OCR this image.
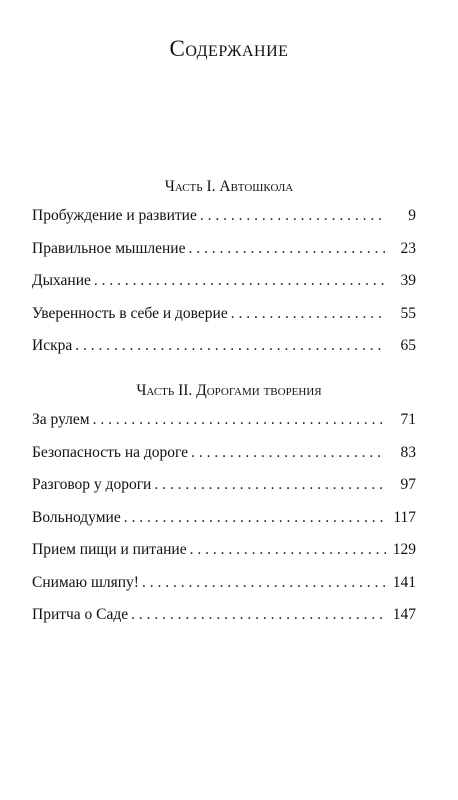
Содержание
Часть I. Автошкола
Пробуждение и развитие . . .	9
Правильное мышление . . .	23
Дыхание . . .	39
Уверенность в себе и доверие . . .	55
Искра . . .	65
Часть II. Дорогами творения
За рулем . . .	71
Безопасность на дороге . . .	83
Разговор у дороги . . .	97
Вольнодумие . . .	117
Прием пищи и питание . . .	129
Снимаю шляпу! . . .	141
Притча о Саде . . .	147
